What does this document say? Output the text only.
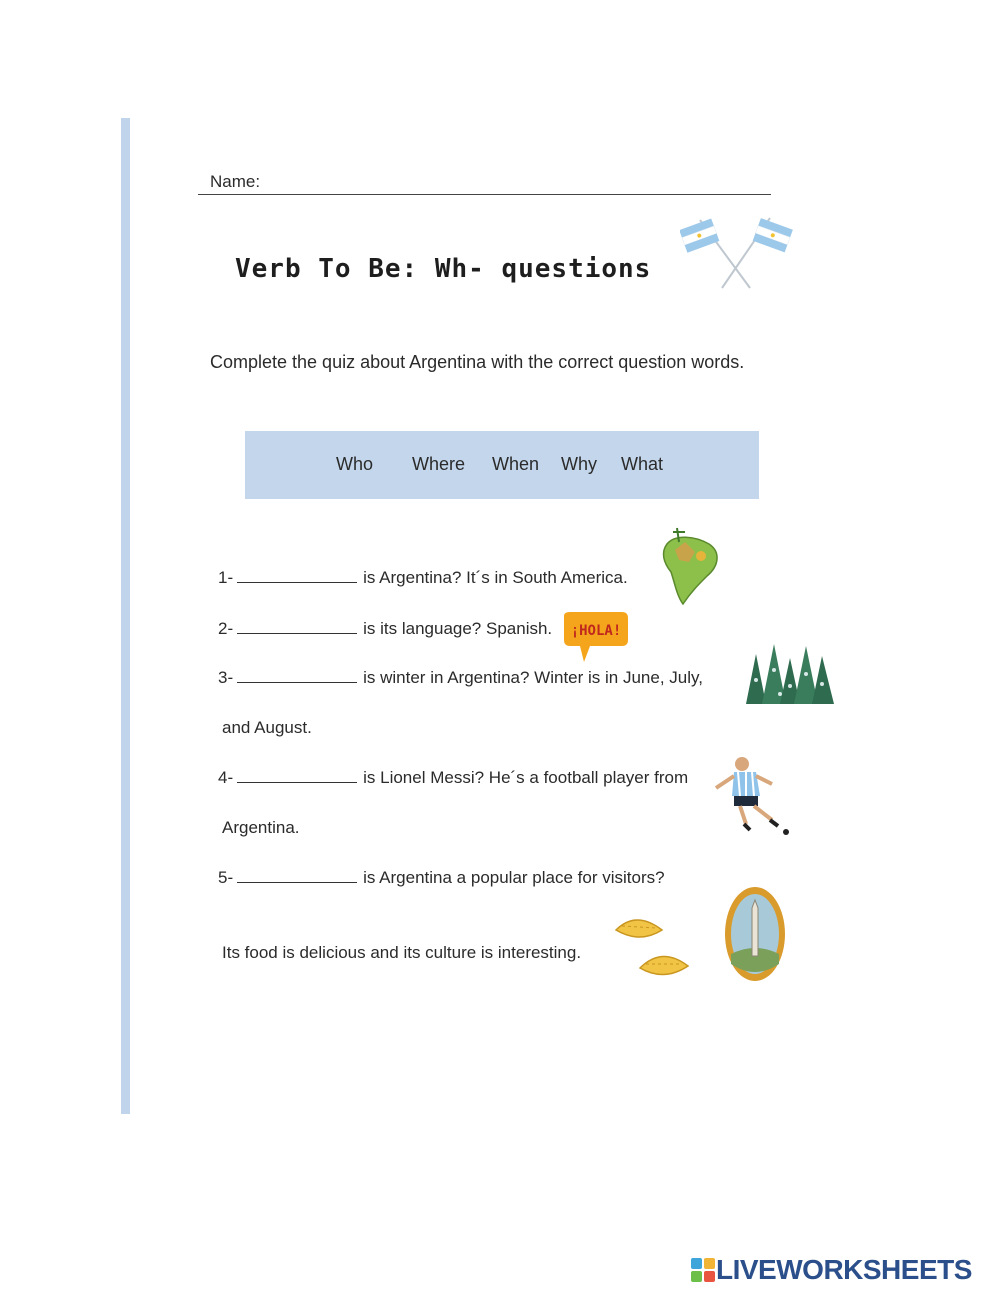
Name:
Verb To Be: Wh- questions
Complete the quiz about Argentina with the correct question words.
Who Where When Why What
1-	is Argentina? It´s in South America.
2-	is its language? Spanish. ¡HOLA!
3-	is winter in Argentina? Winter is in June, July,
and August.
4-	is Lionel Messi? He´s a football player from
Argentina.
5-	is Argentina a popular place for visitors?
Its food is delicious and its culture is interesting.
LIVEWORKSHEETS
